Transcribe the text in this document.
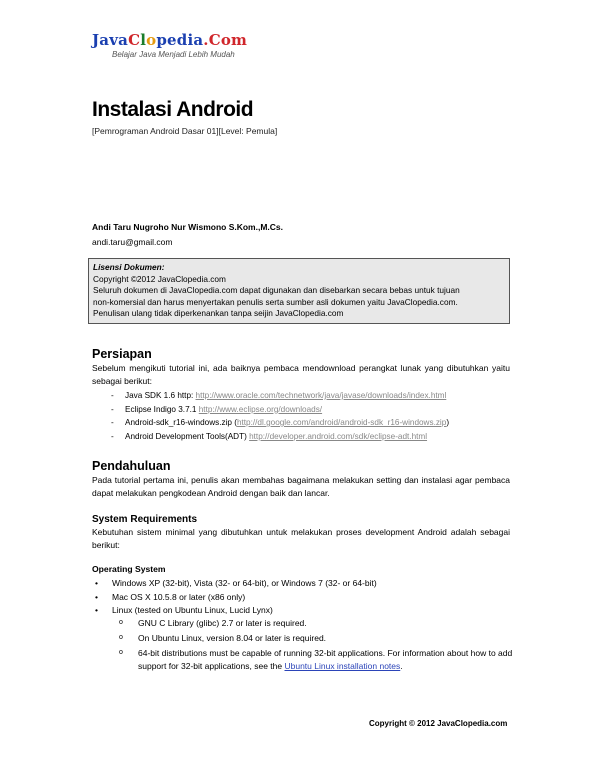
JavaClopedia.Com
Belajar Java Menjadi Lebih Mudah
Instalasi Android
[Pemrograman Android Dasar 01][Level: Pemula]
Andi Taru Nugroho Nur Wismono S.Kom.,M.Cs.
andi.taru@gmail.com
Lisensi Dokumen:
Copyright ©2012 JavaClopedia.com
Seluruh dokumen di JavaClopedia.com dapat digunakan dan disebarkan secara bebas untuk tujuan
non-komersial dan harus menyertakan penulis serta sumber asli dokumen yaitu JavaClopedia.com.
Penulisan ulang tidak diperkenankan tanpa seijin JavaClopedia.com
Persiapan
Sebelum mengikuti tutorial ini, ada baiknya pembaca mendownload perangkat lunak yang dibutuhkan yaitu sebagai berikut:
- Java SDK 1.6 http: http://www.oracle.com/technetwork/java/javase/downloads/index.html
- Eclipse Indigo 3.7.1 http://www.eclipse.org/downloads/
- Android-sdk_r16-windows.zip (http://dl.google.com/android/android-sdk_r16-windows.zip)
- Android Development Tools(ADT) http://developer.android.com/sdk/eclipse-adt.html
Pendahuluan
Pada tutorial pertama ini, penulis akan membahas bagaimana melakukan setting dan instalasi agar pembaca dapat melakukan pengkodean Android dengan baik dan lancar.
System Requirements
Kebutuhan sistem minimal yang dibutuhkan untuk melakukan proses development Android adalah sebagai berikut:
Operating System
• Windows XP (32-bit), Vista (32- or 64-bit), or Windows 7 (32- or 64-bit)
• Mac OS X 10.5.8 or later (x86 only)
• Linux (tested on Ubuntu Linux, Lucid Lynx)
o GNU C Library (glibc) 2.7 or later is required.
o On Ubuntu Linux, version 8.04 or later is required.
o 64-bit distributions must be capable of running 32-bit applications. For information about how to add support for 32-bit applications, see the Ubuntu Linux installation notes.
Copyright © 2012 JavaClopedia.com
